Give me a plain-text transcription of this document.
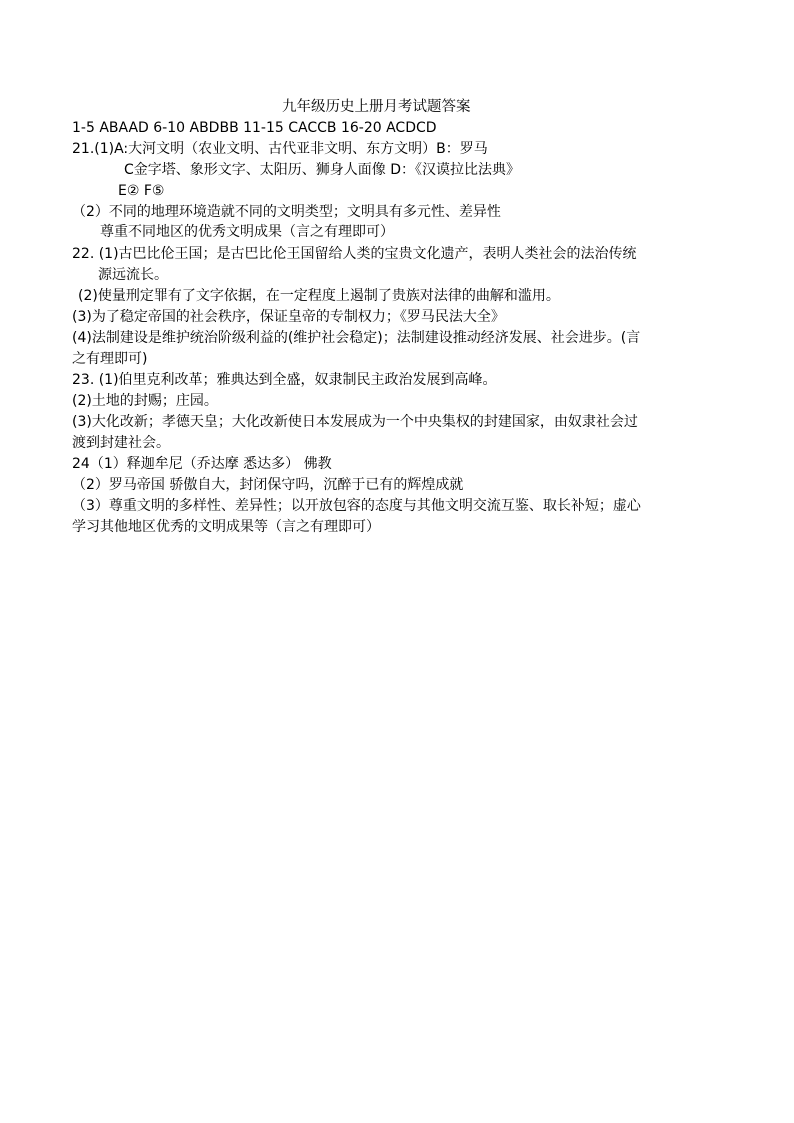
九年级历史上册月考试题答案
1-5 ABAAD 6-10 ABDBB 11-15 CACCB 16-20 ACDCD
21.(1)A:大河文明（农业文明、古代亚非文明、东方文明）B：罗马
C金字塔、象形文字、太阳历、狮身人面像 D：《汉谟拉比法典》
E② F⑤
（2）不同的地理环境造就不同的文明类型；文明具有多元性、差异性
尊重不同地区的优秀文明成果（言之有理即可）
22. (1)古巴比伦王国；是古巴比伦王国留给人类的宝贵文化遗产，表明人类社会的法治传统
源远流长。
(2)使量刑定罪有了文字依据，在一定程度上遏制了贵族对法律的曲解和滥用。
(3)为了稳定帝国的社会秩序，保证皇帝的专制权力；《罗马民法大全》
(4)法制建设是维护统治阶级利益的(维护社会稳定)；法制建设推动经济发展、社会进步。(言
之有理即可)
23. (1)伯里克利改革；雅典达到全盛，奴隶制民主政治发展到高峰。
(2)土地的封赐；庄园。
(3)大化改新；孝德天皇；大化改新使日本发展成为一个中央集权的封建国家，由奴隶社会过
渡到封建社会。
24（1）释迦牟尼（乔达摩 悉达多） 佛教
（2）罗马帝国 骄傲自大，封闭保守吗，沉醉于已有的辉煌成就
（3）尊重文明的多样性、差异性；以开放包容的态度与其他文明交流互鉴、取长补短；虚心
学习其他地区优秀的文明成果等（言之有理即可）
